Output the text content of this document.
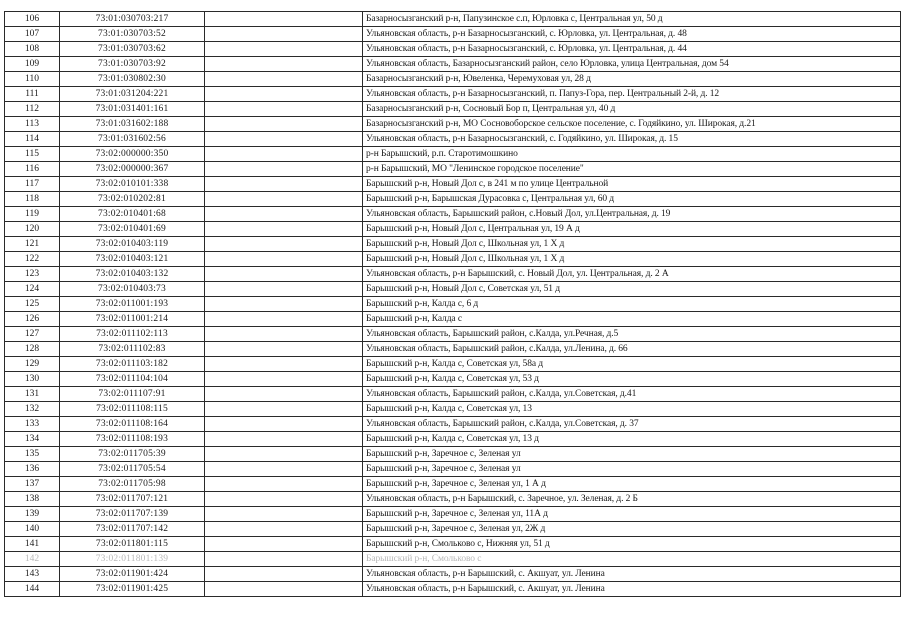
106	73:01:030703:217		Базарносызганский р-н, Папузинское с.п, Юрловка с, Центральная ул, 50 д
107	73:01:030703:52		Ульяновская область, р-н Базарносызганский, с. Юрловка, ул. Центральная, д. 48
108	73:01:030703:62		Ульяновская область, р-н Базарносызганский, с. Юрловка, ул. Центральная, д. 44
109	73:01:030703:92		Ульяновская область, Базарносызганский район, село Юрловка, улица Центральная, дом 54
110	73:01:030802:30		Базарносызганский р-н, Ювеленка, Черемуховая ул, 28 д
111	73:01:031204:221		Ульяновская область, р-н Базарносызганский, п. Папуз-Гора, пер. Центральный 2-й, д. 12
112	73:01:031401:161		Базарносызганский р-н, Сосновый Бор п, Центральная ул, 40 д
113	73:01:031602:188		Базарносызганский р-н, МО Сосновоборское сельское поселение, с. Годяйкино, ул. Широкая, д.21
114	73:01:031602:56		Ульяновская область, р-н Базарносызганский, с. Годяйкино, ул. Широкая, д. 15
115	73:02:000000:350		р-н Барышский, р.п. Старотимошкино
116	73:02:000000:367		р-н Барышский, МО "Ленинское городское поселение"
117	73:02:010101:338		Барышский р-н, Новый Дол с, в 241 м по улице Центральной
118	73:02:010202:81		Барышский р-н, Барышская Дурасовка с, Центральная ул, 60 д
119	73:02:010401:68		Ульяновская область, Барышский район, с.Новый Дол, ул.Центральная, д. 19
120	73:02:010401:69		Барышский р-н, Новый Дол с, Центральная ул, 19 А д
121	73:02:010403:119		Барышский р-н, Новый Дол с, Школьная ул, 1 Х д
122	73:02:010403:121		Барышский р-н, Новый Дол с, Школьная ул, 1 Х д
123	73:02:010403:132		Ульяновская область, р-н Барышский, с. Новый Дол, ул. Центральная, д. 2 А
124	73:02:010403:73		Барышский р-н, Новый Дол с, Советская ул, 51 д
125	73:02:011001:193		Барышский р-н, Калда с, 6 д
126	73:02:011001:214		Барышский р-н, Калда с
127	73:02:011102:113		Ульяновская область, Барышский район, с.Калда, ул.Речная, д.5
128	73:02:011102:83		Ульяновская область, Барышский район, с.Калда, ул.Ленина, д. 66
129	73:02:011103:182		Барышский р-н, Калда с, Советская ул, 58а д
130	73:02:011104:104		Барышский р-н, Калда с, Советская ул, 53 д
131	73:02:011107:91		Ульяновская область, Барышский район, с.Калда, ул.Советская, д.41
132	73:02:011108:115		Барышский р-н, Калда с, Советская ул, 13
133	73:02:011108:164		Ульяновская область, Барышский район, с.Калда, ул.Советская, д. 37
134	73:02:011108:193		Барышский р-н, Калда с, Советская ул, 13 д
135	73:02:011705:39		Барышский р-н, Заречное с, Зеленая ул
136	73:02:011705:54		Барышский р-н, Заречное с, Зеленая ул
137	73:02:011705:98		Барышский р-н, Заречное с, Зеленая ул, 1 А д
138	73:02:011707:121		Ульяновская область, р-н Барышский, с. Заречное, ул. Зеленая, д. 2 Б
139	73:02:011707:139		Барышский р-н, Заречное с, Зеленая ул, 11А д
140	73:02:011707:142		Барышский р-н, Заречное с, Зеленая ул, 2Ж д
141	73:02:011801:115		Барышский р-н, Смольково с, Нижняя ул, 51 д
142	73:02:011801:139		Барышский р-н, Смольково с
143	73:02:011901:424		Ульяновская область, р-н Барышский, с. Акшуат, ул. Ленина
144	73:02:011901:425		Ульяновская область, р-н Барышский, с. Акшуат, ул. Ленина
